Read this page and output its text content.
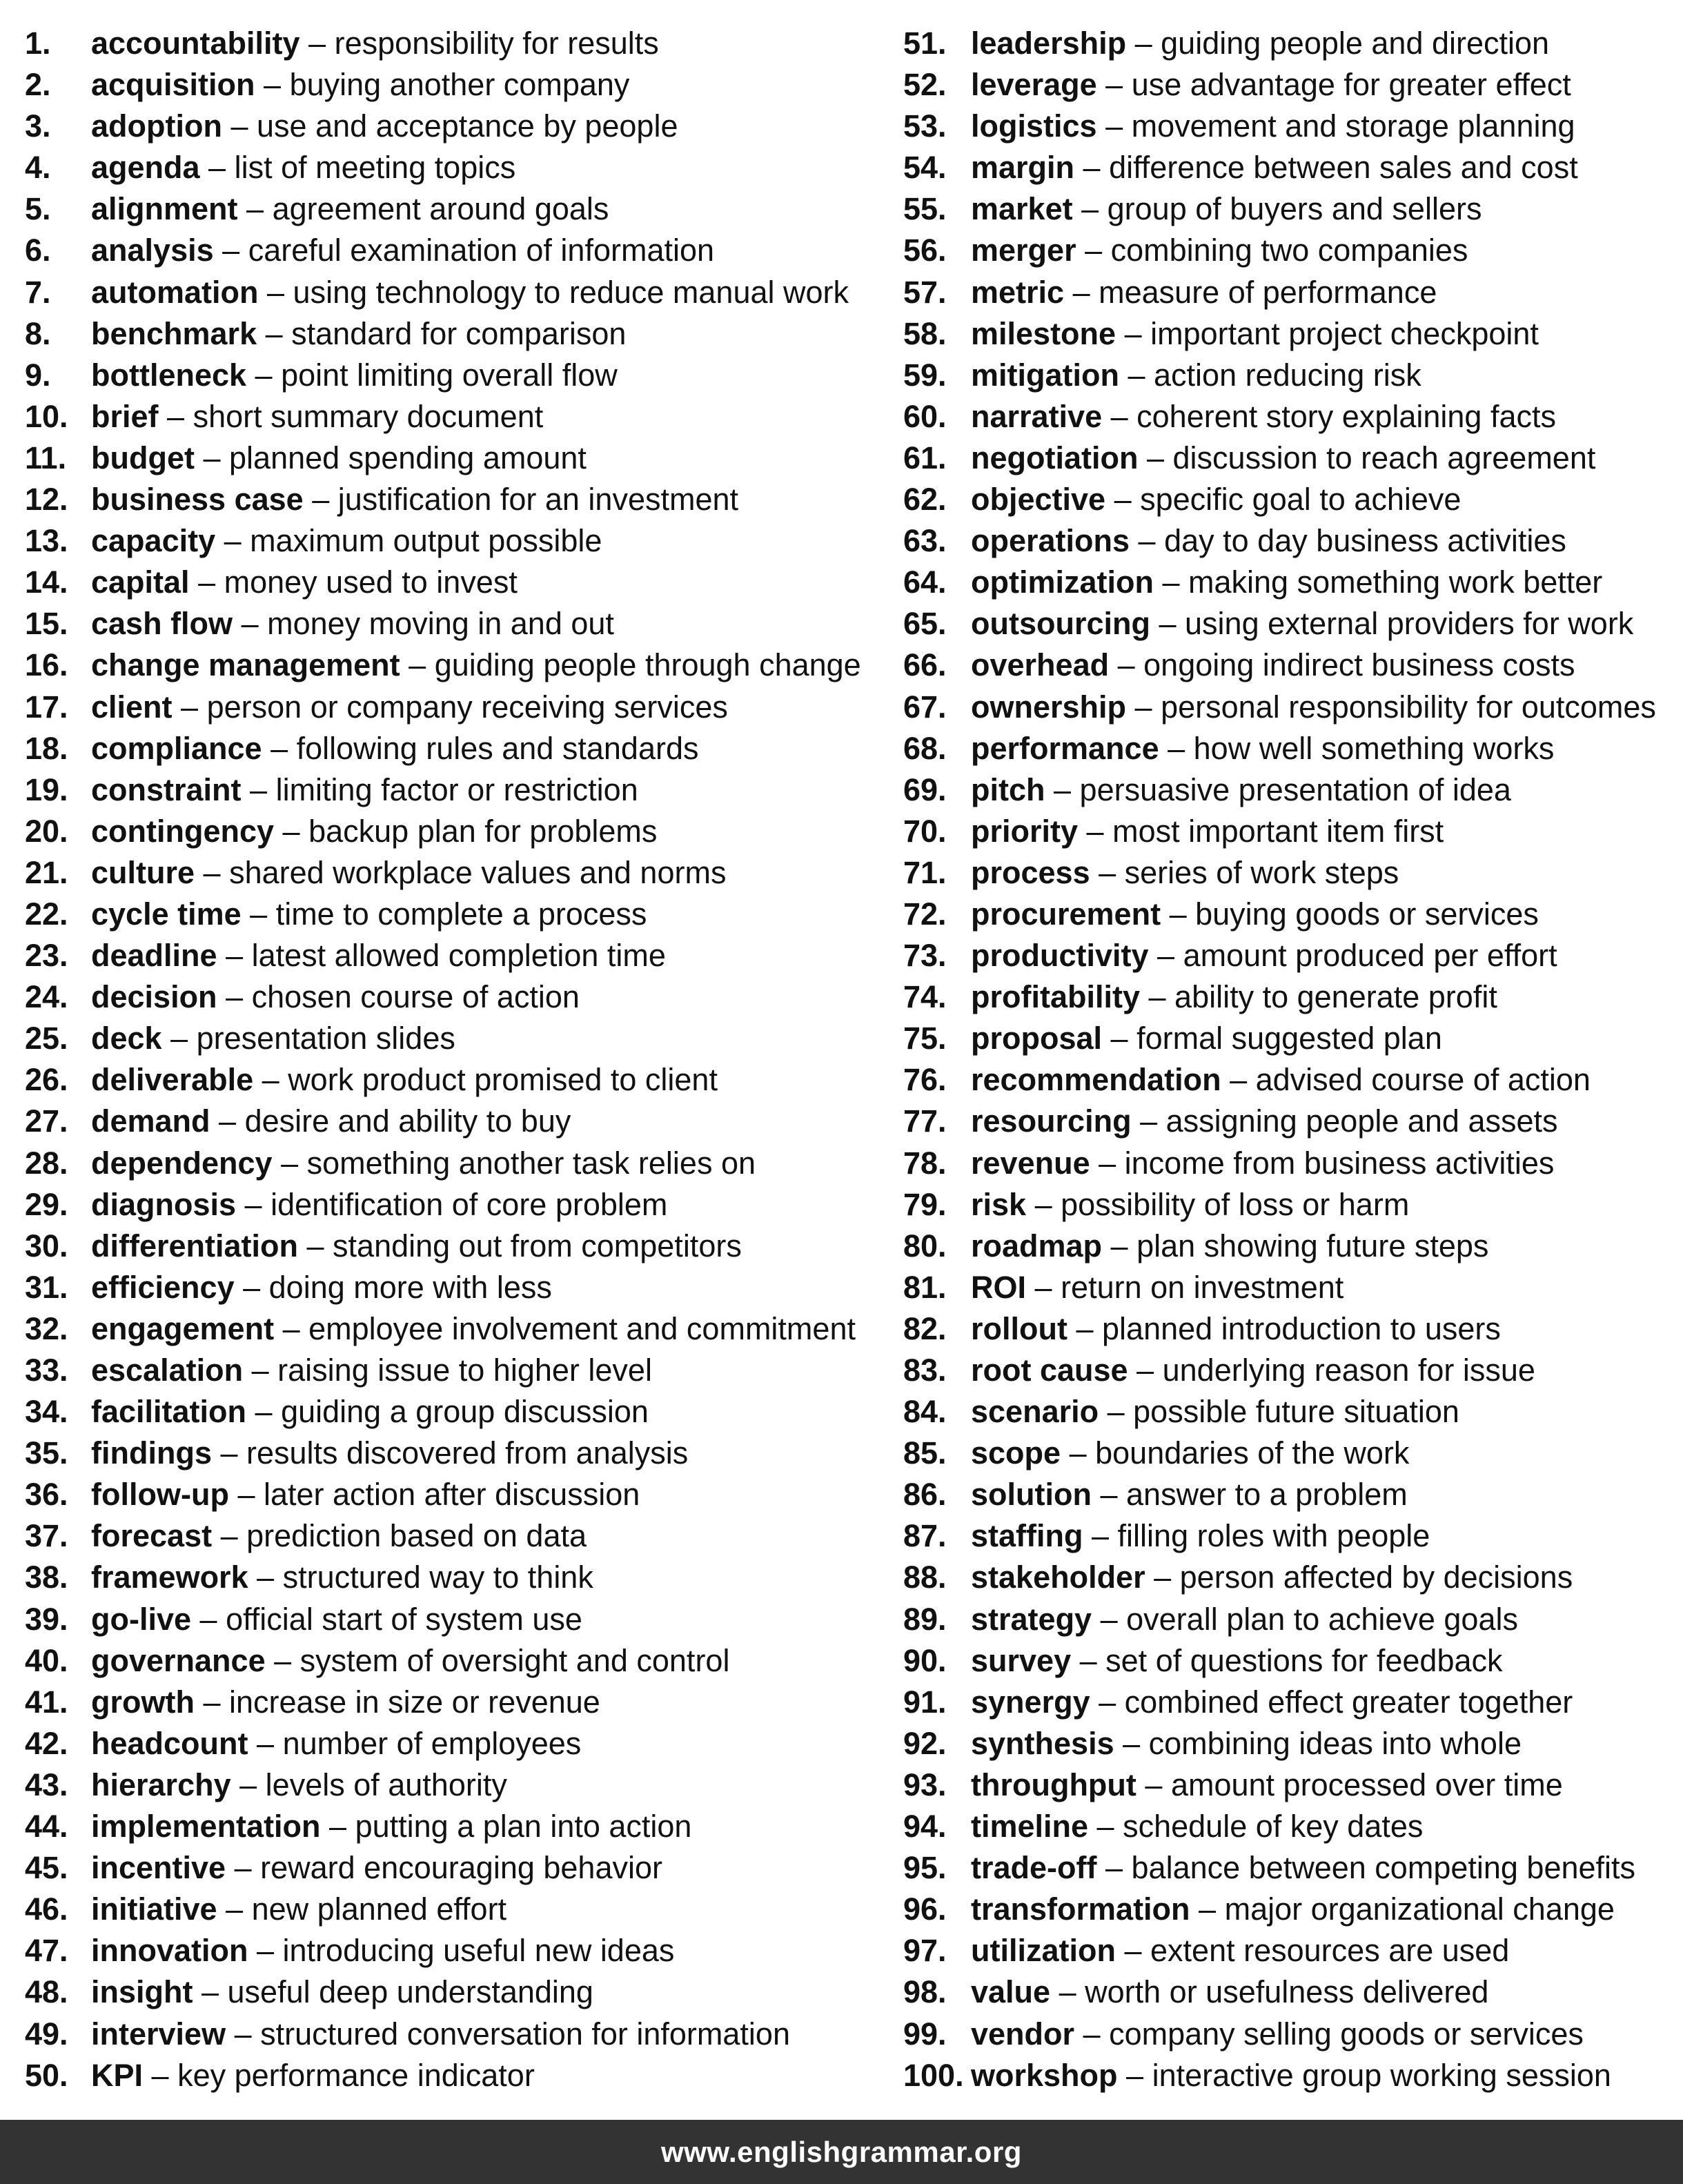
1.	accountability – responsibility for results
2.	acquisition – buying another company
3.	adoption – use and acceptance by people
4.	agenda – list of meeting topics
5.	alignment – agreement around goals
6.	analysis – careful examination of information
7.	automation – using technology to reduce manual work
8.	benchmark – standard for comparison
9.	bottleneck – point limiting overall flow
10. brief – short summary document
11. budget – planned spending amount
12. business case – justification for an investment
13. capacity – maximum output possible
14. capital – money used to invest
15. cash flow – money moving in and out
16. change management – guiding people through change
17. client – person or company receiving services
18. compliance – following rules and standards
19. constraint – limiting factor or restriction
20. contingency – backup plan for problems
21. culture – shared workplace values and norms
22. cycle time – time to complete a process
23. deadline – latest allowed completion time
24. decision – chosen course of action
25. deck – presentation slides
26. deliverable – work product promised to client
27. demand – desire and ability to buy
28. dependency – something another task relies on
29. diagnosis – identification of core problem
30. differentiation – standing out from competitors
31. efficiency – doing more with less
32. engagement – employee involvement and commitment
33. escalation – raising issue to higher level
34. facilitation – guiding a group discussion
35. findings – results discovered from analysis
36. follow-up – later action after discussion
37. forecast – prediction based on data
38. framework – structured way to think
39. go-live – official start of system use
40. governance – system of oversight and control
41. growth – increase in size or revenue
42. headcount – number of employees
43. hierarchy – levels of authority
44. implementation – putting a plan into action
45. incentive – reward encouraging behavior
46. initiative – new planned effort
47. innovation – introducing useful new ideas
48. insight – useful deep understanding
49. interview – structured conversation for information
50. KPI – key performance indicator
51. leadership – guiding people and direction
52. leverage – use advantage for greater effect
53. logistics – movement and storage planning
54. margin – difference between sales and cost
55. market – group of buyers and sellers
56. merger – combining two companies
57. metric – measure of performance
58. milestone – important project checkpoint
59. mitigation – action reducing risk
60. narrative – coherent story explaining facts
61. negotiation – discussion to reach agreement
62. objective – specific goal to achieve
63. operations – day to day business activities
64. optimization – making something work better
65. outsourcing – using external providers for work
66. overhead – ongoing indirect business costs
67. ownership – personal responsibility for outcomes
68. performance – how well something works
69. pitch – persuasive presentation of idea
70. priority – most important item first
71. process – series of work steps
72. procurement – buying goods or services
73. productivity – amount produced per effort
74. profitability – ability to generate profit
75. proposal – formal suggested plan
76. recommendation – advised course of action
77. resourcing – assigning people and assets
78. revenue – income from business activities
79. risk – possibility of loss or harm
80. roadmap – plan showing future steps
81. ROI – return on investment
82. rollout – planned introduction to users
83. root cause – underlying reason for issue
84. scenario – possible future situation
85. scope – boundaries of the work
86. solution – answer to a problem
87. staffing – filling roles with people
88. stakeholder – person affected by decisions
89. strategy – overall plan to achieve goals
90. survey – set of questions for feedback
91. synergy – combined effect greater together
92. synthesis – combining ideas into whole
93. throughput – amount processed over time
94. timeline – schedule of key dates
95. trade-off – balance between competing benefits
96. transformation – major organizational change
97. utilization – extent resources are used
98. value – worth or usefulness delivered
99. vendor – company selling goods or services
100. workshop – interactive group working session
www.englishgrammar.org
